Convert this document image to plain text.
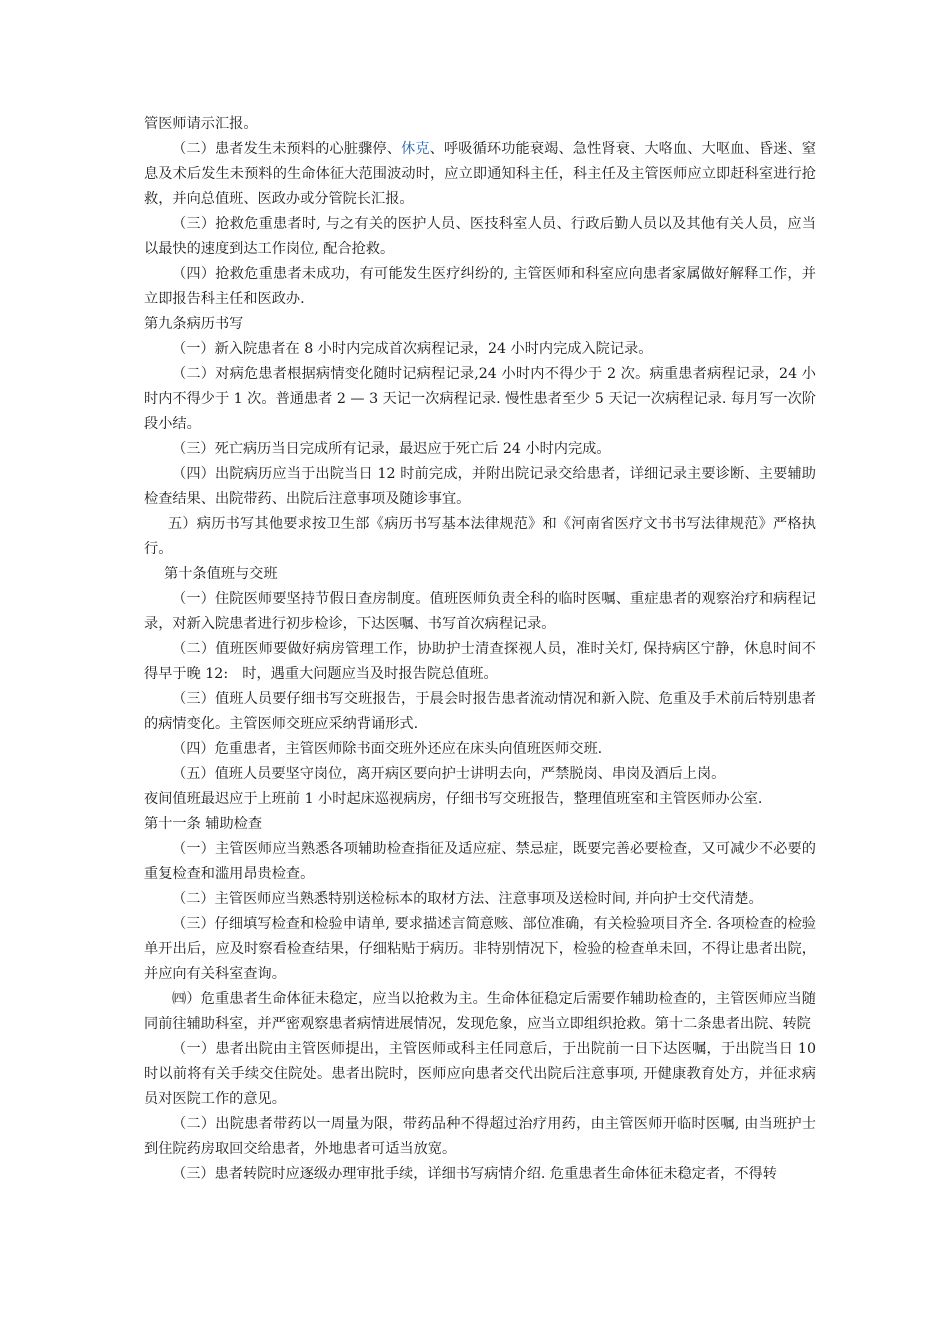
管医师请示汇报。

（二）患者发生未预料的心脏骤停、休克、呼吸循环功能衰竭、急性肾衰、大咯血、大呕血、昏迷、窒息及术后发生未预料的生命体征大范围波动时，应立即通知科主任，科主任及主管医师应立即赶科室进行抢救，并向总值班、医政办或分管院长汇报。

（三）抢救危重患者时, 与之有关的医护人员、医技科室人员、行政后勤人员以及其他有关人员，应当以最快的速度到达工作岗位, 配合抢救。

（四）抢救危重患者未成功，有可能发生医疗纠纷的, 主管医师和科室应向患者家属做好解释工作，并立即报告科主任和医政办.

第九条病历书写

（一）新入院患者在 8 小时内完成首次病程记录，24 小时内完成入院记录。

（二）对病危患者根据病情变化随时记病程记录,24 小时内不得少于 2 次。病重患者病程记录，24 小时内不得少于 1 次。普通患者 2 — 3 天记一次病程记录. 慢性患者至少 5 天记一次病程记录. 每月写一次阶段小结。

（三）死亡病历当日完成所有记录，最迟应于死亡后 24 小时内完成。

（四）出院病历应当于出院当日 12 时前完成，并附出院记录交给患者，详细记录主要诊断、主要辅助检查结果、出院带药、出院后注意事项及随诊事宜。

五）病历书写其他要求按卫生部《病历书写基本法律规范》和《河南省医疗文书书写法律规范》严格执行。

第十条值班与交班

（一）住院医师要坚持节假日查房制度。值班医师负责全科的临时医嘱、重症患者的观察治疗和病程记录，对新入院患者进行初步检诊，下达医嘱、书写首次病程记录。

（二）值班医师要做好病房管理工作，协助护士清查探视人员，准时关灯, 保持病区宁静，休息时间不得早于晚 12:　时，遇重大问题应当及时报告院总值班。

（三）值班人员要仔细书写交班报告，于晨会时报告患者流动情况和新入院、危重及手术前后特别患者的病情变化。主管医师交班应采纳背诵形式.

（四）危重患者，主管医师除书面交班外还应在床头向值班医师交班.

（五）值班人员要坚守岗位，离开病区要向护士讲明去向，严禁脱岗、串岗及酒后上岗。

夜间值班最迟应于上班前 1 小时起床巡视病房，仔细书写交班报告，整理值班室和主管医师办公室.

第十一条 辅助检查

（一）主管医师应当熟悉各项辅助检查指征及适应症、禁忌症，既要完善必要检查，又可减少不必要的重复检查和滥用昂贵检查。

（二）主管医师应当熟悉特别送检标本的取材方法、注意事项及送检时间, 并向护士交代清楚。

（三）仔细填写检查和检验申请单, 要求描述言简意赅、部位准确，有关检验项目齐全. 各项检查的检验单开出后，应及时察看检查结果，仔细粘贴于病历。非特别情况下，检验的检查单未回，不得让患者出院，并应向有关科室查询。

㈣）危重患者生命体征未稳定，应当以抢救为主。生命体征稳定后需要作辅助检查的，主管医师应当随同前往辅助科室，并严密观察患者病情进展情况，发现危象，应当立即组织抢救。第十二条患者出院、转院

（一）患者出院由主管医师提出，主管医师或科主任同意后，于出院前一日下达医嘱，于出院当日 10 时以前将有关手续交住院处。患者出院时，医师应向患者交代出院后注意事项, 开健康教育处方，并征求病员对医院工作的意见。

（二）出院患者带药以一周量为限，带药品种不得超过治疗用药，由主管医师开临时医嘱, 由当班护士到住院药房取回交给患者，外地患者可适当放宽。

（三）患者转院时应逐级办理审批手续，详细书写病情介绍. 危重患者生命体征未稳定者，不得转
